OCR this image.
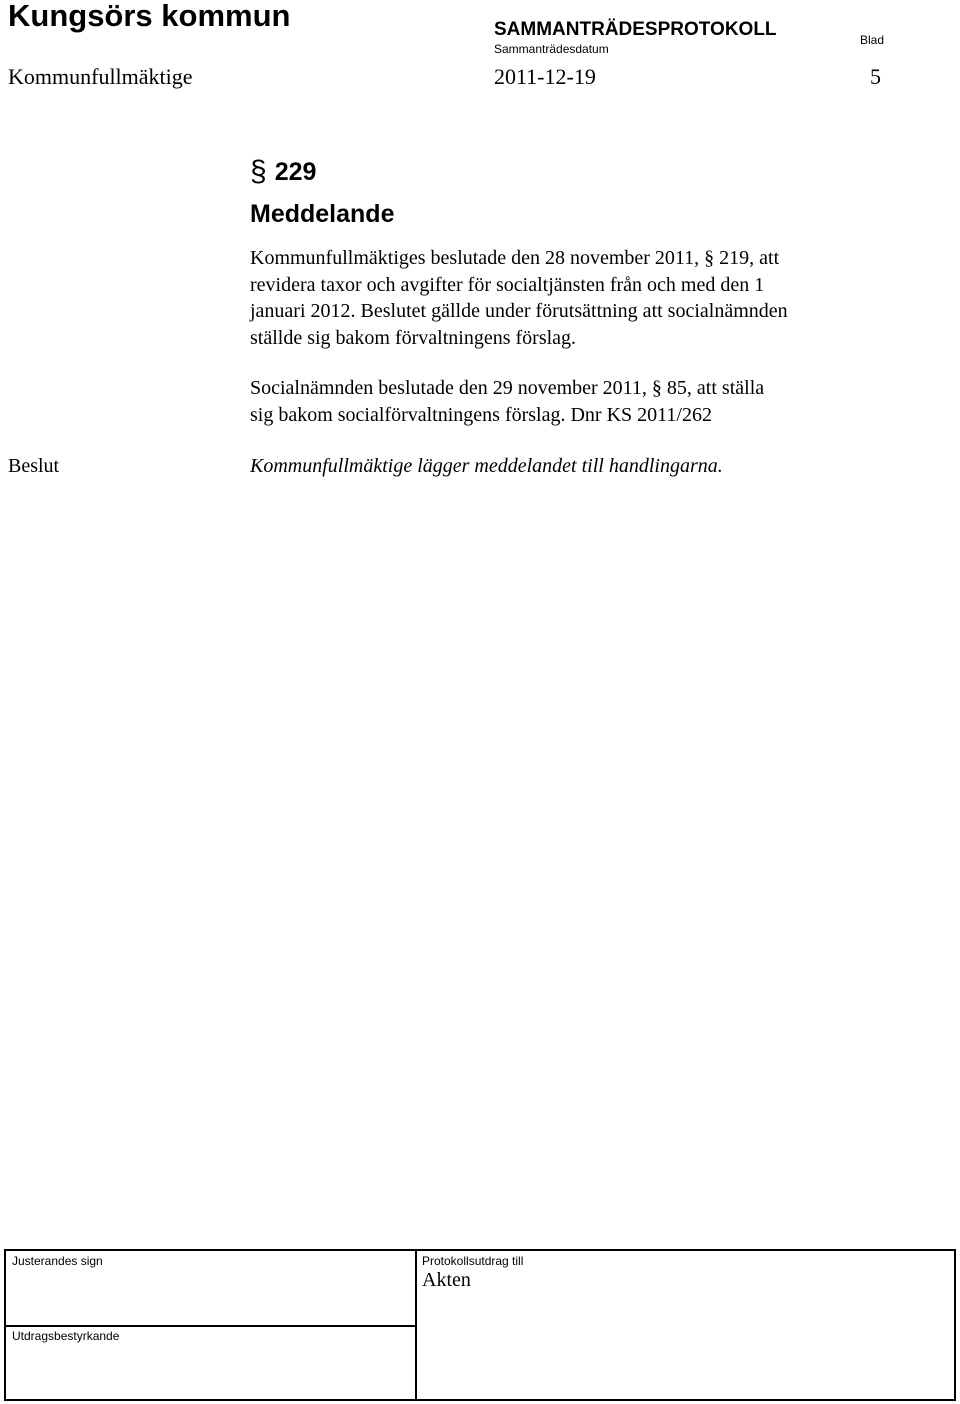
Kungsörs kommun	SAMMANTRÄDESPROTOKOLL
Sammanträdesdatum
Blad
Kommunfullmäktige	2011-12-19	5
§ 229
Meddelande
Kommunfullmäktiges beslutade den 28 november 2011, § 219, att
revidera taxor och avgifter för socialtjänsten från och med den 1
januari 2012. Beslutet gällde under förutsättning att socialnämnden
ställde sig bakom förvaltningens förslag.
Socialnämnden beslutade den 29 november 2011, § 85, att ställa
sig bakom socialförvaltningens förslag. Dnr KS 2011/262
Beslut	Kommunfullmäktige lägger meddelandet till handlingarna.
Justerandes sign	Protokollsutdrag till
Akten
Utdragsbestyrkande
